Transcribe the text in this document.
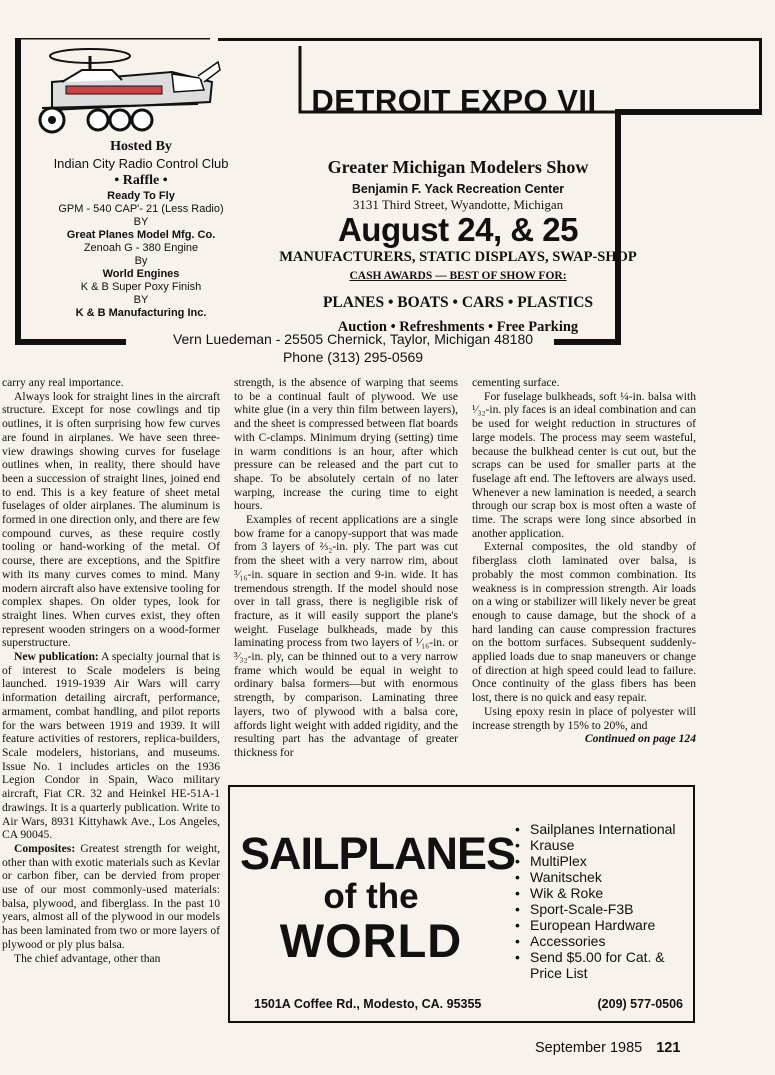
DETROIT EXPO VII
Hosted By
Indian City Radio Control Club
• Raffle •
Ready To Fly
GPM - 540 CAP'- 21 (Less Radio)
BY
Great Planes Model Mfg. Co.
Zenoah G - 380 Engine
By
World Engines
K & B Super Poxy Finish
BY
K & B Manufacturing Inc.
Greater Michigan Modelers Show
Benjamin F. Yack Recreation Center
3131 Third Street, Wyandotte, Michigan
August 24, & 25
MANUFACTURERS, STATIC DISPLAYS, SWAP-SHOP
CASH AWARDS — BEST OF SHOW FOR:
PLANES • BOATS • CARS • PLASTICS
Auction • Refreshments • Free Parking
Vern Luedeman - 25505 Chernick, Taylor, Michigan 48180
Phone (313) 295-0569

carry any real importance.

Always look for straight lines in the aircraft structure. Except for nose cowlings and tip outlines, it is often surprising how few curves are found in airplanes. We have seen three-view drawings showing curves for fuselage outlines when, in reality, there should have been a succession of straight lines, joined end to end. This is a key feature of sheet metal fuselages of older airplanes. The aluminum is formed in one direction only, and there are few compound curves, as these require costly tooling or hand-working of the metal. Of course, there are exceptions, and the Spitfire with its many curves comes to mind. Many modern aircraft also have extensive tooling for complex shapes. On older types, look for straight lines. When curves exist, they often represent wooden stringers on a wood-former superstructure.

New publication: A specialty journal that is of interest to Scale modelers is being launched. 1919-1939 Air Wars will carry information detailing aircraft, performance, armament, combat handling, and pilot reports for the wars between 1919 and 1939. It will feature activities of restorers, replica-builders, Scale modelers, historians, and museums. Issue No. 1 includes articles on the 1936 Legion Condor in Spain, Waco military aircraft, Fiat CR. 32 and Heinkel HE-51A-1 drawings. It is a quarterly publication. Write to Air Wars, 8931 Kittyhawk Ave., Los Angeles, CA 90045.

Composites: Greatest strength for weight, other than with exotic materials such as Kevlar or carbon fiber, can be dervied from proper use of our most commonly-used materials: balsa, plywood, and fiberglass. In the past 10 years, almost all of the plywood in our models has been laminated from two or more layers of plywood or ply plus balsa.

The chief advantage, other than

strength, is the absence of warping that seems to be a continual fault of plywood. We use white glue (in a very thin film between layers), and the sheet is compressed between flat boards with C-clamps. Minimum drying (setting) time in warm conditions is an hour, after which pressure can be released and the part cut to shape. To be absolutely certain of no later warping, increase the curing time to eight hours.

Examples of recent applications are a single bow frame for a canopy-support that was made from 3 layers of ⅔₂-in. ply. The part was cut from the sheet with a very narrow rim, about ³⁄₁₆-in. square in section and 9-in. wide. It has tremendous strength. If the model should nose over in tall grass, there is negligible risk of fracture, as it will easily support the plane's weight. Fuselage bulkheads, made by this laminating process from two layers of ¹⁄₁₆-in. or ³⁄₃₂-in. ply, can be thinned out to a very narrow frame which would be equal in weight to ordinary balsa formers—but with enormous strength, by comparison. Laminating three layers, two of plywood with a balsa core, affords light weight with added rigidity, and the resulting part has the advantage of greater thickness for

cementing surface.

For fuselage bulkheads, soft ¼-in. balsa with ¹⁄₃₂-in. ply faces is an ideal combination and can be used for weight reduction in structures of large models. The process may seem wasteful, because the bulkhead center is cut out, but the scraps can be used for smaller parts at the fuselage aft end. The leftovers are always used. Whenever a new lamination is needed, a search through our scrap box is most often a waste of time. The scraps were long since absorbed in another application.

External composites, the old standby of fiberglass cloth laminated over balsa, is probably the most common combination. Its weakness is in compression strength. Air loads on a wing or stabilizer will likely never be great enough to cause damage, but the shock of a hard landing can cause compression fractures on the bottom surfaces. Subsequent suddenly-applied loads due to snap maneuvers or change of direction at high speed could lead to failure. Once continuity of the glass fibers has been lost, there is no quick and easy repair.

Using epoxy resin in place of polyester will increase strength by 15% to 20%, and

Continued on page 124

SAILPLANES
of the
WORLD
• Sailplanes International
• Krause
• MultiPlex
• Wanitschek
• Wik & Roke
• Sport-Scale-F3B
• European Hardware
• Accessories
• Send $5.00 for Cat. & Price List
1501A Coffee Rd., Modesto, CA. 95355	(209) 577-0506
September 1985 121
